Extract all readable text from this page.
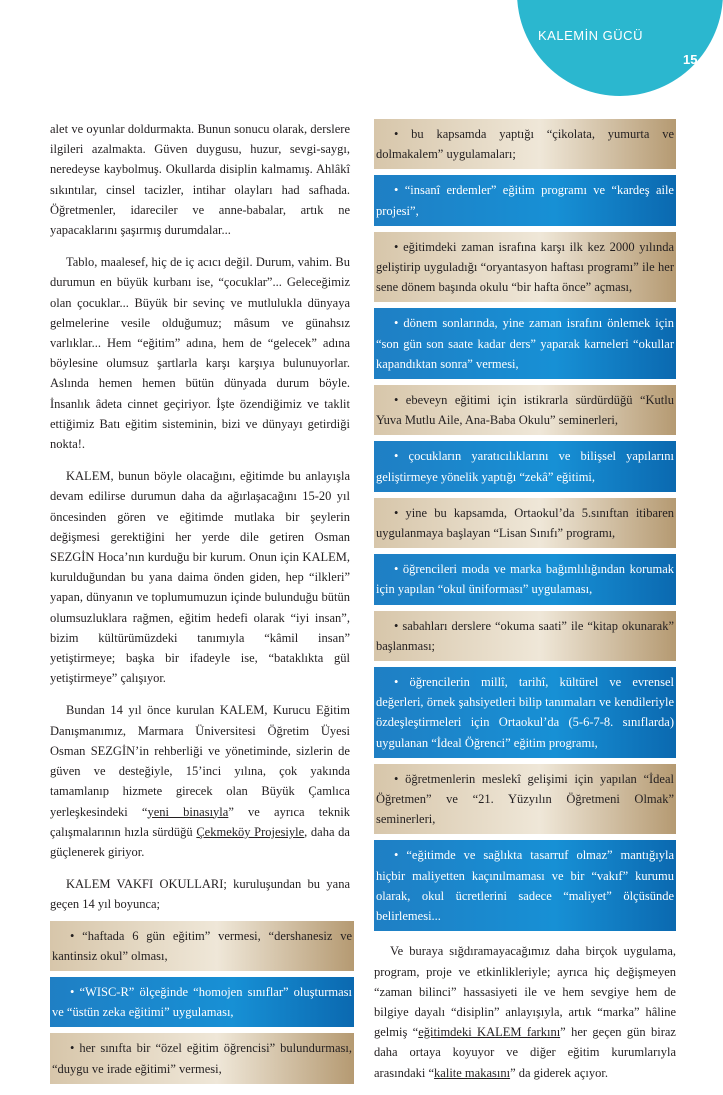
KALEMİN GÜCÜ
15

alet ve oyunlar doldurmakta. Bunun sonucu olarak, derslere ilgileri azalmakta. Güven duygusu, huzur, sevgi-saygı, neredeyse kaybolmuş. Okullarda disiplin kalmamış. Ahlâkî sıkıntılar, cinsel tacizler, intihar olayları had safhada. Öğretmenler, idareciler ve anne-babalar, artık ne yapacaklarını şaşırmış durumdalar...

Tablo, maalesef, hiç de iç acıcı değil. Durum, vahim. Bu durumun en büyük kurbanı ise, “çocuklar”... Geleceğimiz olan çocuklar... Büyük bir sevinç ve mutlulukla dünyaya gelmelerine vesile olduğumuz; mâsum ve günahsız varlıklar... Hem “eğitim” adına, hem de “gelecek” adına böylesine olumsuz şartlarla karşı karşıya bulunuyorlar. Aslında hemen hemen bütün dünyada durum böyle. İnsanlık âdeta cinnet geçiriyor. İşte özendiğimiz ve taklit ettiğimiz Batı eğitim sisteminin, bizi ve dünyayı getirdiği nokta!.

KALEM, bunun böyle olacağını, eğitimde bu anlayışla devam edilirse durumun daha da ağırlaşacağını 15-20 yıl öncesinden gören ve eğitimde mutlaka bir şeylerin değişmesi gerektiğini her yerde dile getiren Osman SEZGİN Hoca’nın kurduğu bir kurum. Onun için KALEM, kurulduğundan bu yana daima önden giden, hep “ilkleri” yapan, dünyanın ve toplumumuzun içinde bulunduğu bütün olumsuzluklara rağmen, eğitim hedefi olarak “iyi insan”, bizim kültürümüzdeki tanımıyla “kâmil insan” yetiştirmeye; başka bir ifadeyle ise, “bataklıkta gül yetiştirmeye” çalışıyor.

Bundan 14 yıl önce kurulan KALEM, Kurucu Eğitim Danışmanımız, Marmara Üniversitesi Öğretim Üyesi Osman SEZGİN’in rehberliği ve yönetiminde, sizlerin de güven ve desteğiyle, 15’inci yılına, çok yakında tamamlanıp hizmete girecek olan Büyük Çamlıca yerleşkesindeki “yeni binasıyla” ve ayrıca teknik çalışmalarının hızla sürdüğü Çekmeköy Projesiyle, daha da güçlenerek giriyor.

KALEM VAKFI OKULLARI; kuruluşundan bu yana geçen 14 yıl boyunca;

• “haftada 6 gün eğitim” vermesi, “dershanesiz ve kantinsiz okul” olması,
• “WISC-R” ölçeğinde “homojen sınıflar” oluşturması ve “üstün zeka eğitimi” uygulaması,
• her sınıfta bir “özel eğitim öğrencisi” bulundurması, “duygu ve irade eğitimi” vermesi,
• bu kapsamda yaptığı “çikolata, yumurta ve dolmakalem” uygulamaları;
• “insanî erdemler” eğitim programı ve “kardeş aile projesi”,
• eğitimdeki zaman israfına karşı ilk kez 2000 yılında geliştirip uyguladığı “oryantasyon haftası programı” ile her sene dönem başında okulu “bir hafta önce” açması,
• dönem sonlarında, yine zaman israfını önlemek için “son gün son saate kadar ders” yaparak karneleri “okullar kapandıktan sonra” vermesi,
• ebeveyn eğitimi için istikrarla sürdürdüğü “Kutlu Yuva Mutlu Aile, Ana-Baba Okulu” seminerleri,
• çocukların yaratıcılıklarını ve bilişsel yapılarını geliştirmeye yönelik yaptığı “zekâ” eğitimi,
• yine bu kapsamda, Ortaokul’da 5.sınıftan itibaren uygulanmaya başlayan “Lisan Sınıfı” programı,
• öğrencileri moda ve marka bağımlılığından korumak için yapılan “okul üniforması” uygulaması,
• sabahları derslere “okuma saati” ile “kitap okunarak” başlanması;
• öğrencilerin millî, tarihî, kültürel ve evrensel değerleri, örnek şahsiyetleri bilip tanımaları ve kendileriyle özdeşleştirmeleri için Ortaokul’da (5-6-7-8. sınıflarda) uygulanan “İdeal Öğrenci” eğitim programı,
• öğretmenlerin meslekî gelişimi için yapılan “İdeal Öğretmen” ve “21. Yüzyılın Öğretmeni Olmak” seminerleri,
• “eğitimde ve sağlıkta tasarruf olmaz” mantığıyla hiçbir maliyetten kaçınılmaması ve bir “vakıf” kurumu olarak, okul ücretlerini sadece “maliyet” ölçüsünde belirlemesi...

Ve buraya sığdıramayacağımız daha birçok uygulama, program, proje ve etkinlikleriyle; ayrıca hiç değişmeyen “zaman bilinci” hassasiyeti ile ve hem sevgiye hem de bilgiye dayalı “disiplin” anlayışıyla, artık “marka” hâline gelmiş “eğitimdeki KALEM farkını” her geçen gün biraz daha ortaya koyuyor ve diğer eğitim kurumlarıyla arasındaki “kalite makasını” da giderek açıyor.
